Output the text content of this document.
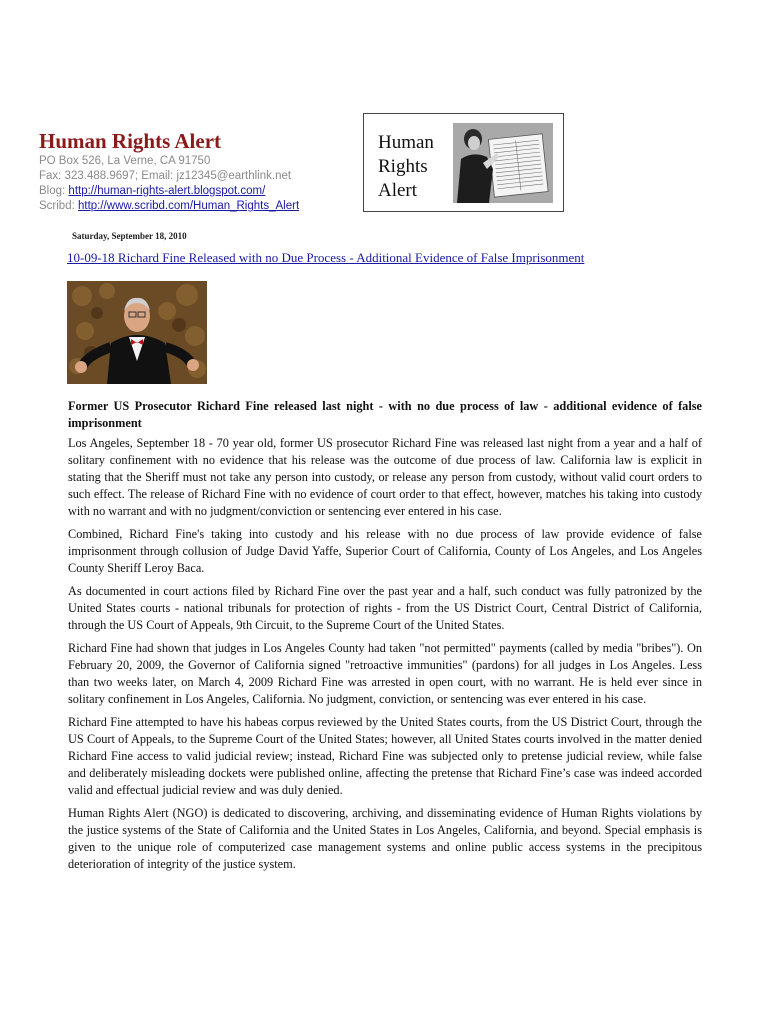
Human Rights Alert
PO Box 526, La Verne, CA 91750
Fax: 323.488.9697; Email: jz12345@earthlink.net
Blog: http://human-rights-alert.blogspot.com/
Scribd: http://www.scribd.com/Human_Rights_Alert
Human
Rights
Alert
Saturday, September 18, 2010
10-09-18 Richard Fine Released with no Due Process - Additional Evidence of False Imprisonment

Former US Prosecutor Richard Fine released last night - with no due process of law - additional evidence of false imprisonment

Los Angeles, September 18 - 70 year old, former US prosecutor Richard Fine was released last night from a year and a half of solitary confinement with no evidence that his release was the outcome of due process of law. California law is explicit in stating that the Sheriff must not take any person into custody, or release any person from custody, without valid court orders to such effect. The release of Richard Fine with no evidence of court order to that effect, however, matches his taking into custody with no warrant and with no judgment/conviction or sentencing ever entered in his case.

Combined, Richard Fine's taking into custody and his release with no due process of law provide evidence of false imprisonment through collusion of Judge David Yaffe, Superior Court of California, County of Los Angeles, and Los Angeles County Sheriff Leroy Baca.

As documented in court actions filed by Richard Fine over the past year and a half, such conduct was fully patronized by the United States courts - national tribunals for protection of rights - from the US District Court, Central District of California, through the US Court of Appeals, 9th Circuit, to the Supreme Court of the United States.

Richard Fine had shown that judges in Los Angeles County had taken "not permitted" payments (called by media "bribes"). On February 20, 2009, the Governor of California signed "retroactive immunities" (pardons) for all judges in Los Angeles. Less than two weeks later, on March 4, 2009 Richard Fine was arrested in open court, with no warrant. He is held ever since in solitary confinement in Los Angeles, California. No judgment, conviction, or sentencing was ever entered in his case.

Richard Fine attempted to have his habeas corpus reviewed by the United States courts, from the US District Court, through the US Court of Appeals, to the Supreme Court of the United States; however, all United States courts involved in the matter denied Richard Fine access to valid judicial review; instead, Richard Fine was subjected only to pretense judicial review, while false and deliberately misleading dockets were published online, affecting the pretense that Richard Fine’s case was indeed accorded valid and effectual judicial review and was duly denied.

Human Rights Alert (NGO) is dedicated to discovering, archiving, and disseminating evidence of Human Rights violations by the justice systems of the State of California and the United States in Los Angeles, California, and beyond. Special emphasis is given to the unique role of computerized case management systems and online public access systems in the precipitous deterioration of integrity of the justice system.
